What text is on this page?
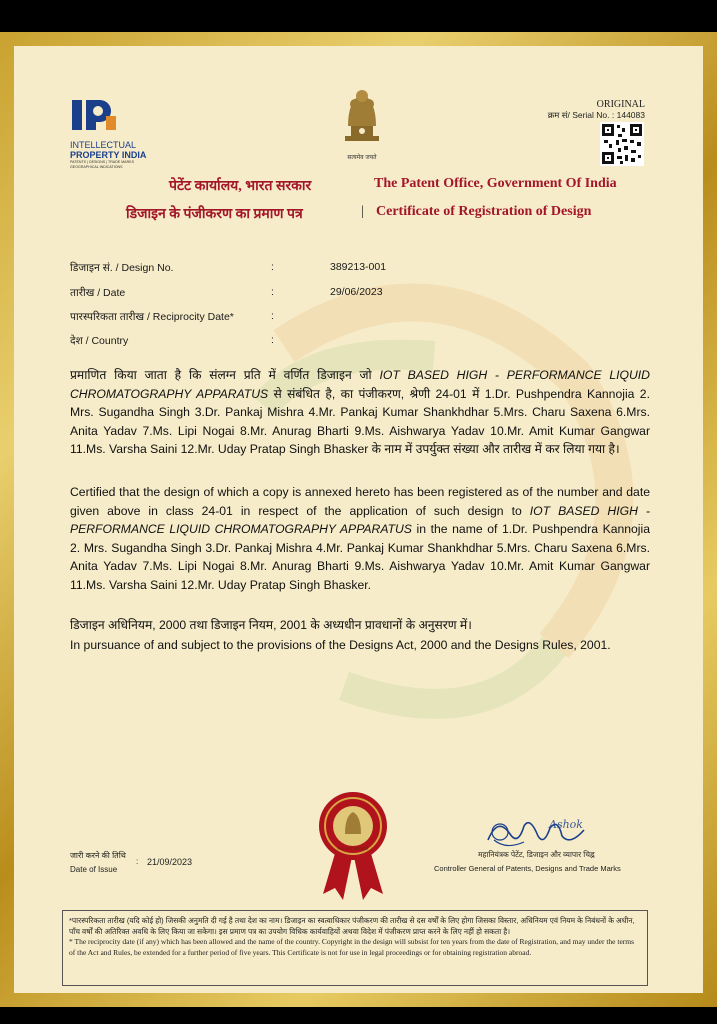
INTELLECTUAL
PROPERTY INDIA
PATENTS | DESIGNS | TRADE MARKS
GEOGRAPHICAL INDICATIONS
सत्यमेव जयते
ORIGINAL
क्रम सं/ Serial No. : 144083
पेटेंट कार्यालय, भारत सरकार	The Patent Office, Government Of India
डिजाइन के पंजीकरण का प्रमाण पत्र	| Certificate of Registration of Design
डिजाइन सं. / Design No.	:	389213-001
तारीख / Date	:	29/06/2023
पारस्परिकता तारीख / Reciprocity Date*	:
देश / Country	:
प्रमाणित किया जाता है कि संलग्न प्रति में वर्णित डिजाइन जो IOT BASED HIGH - PERFORMANCE LIQUID CHROMATOGRAPHY APPARATUS से संबंधित है, का पंजीकरण, श्रेणी 24-01 में 1.Dr. Pushpendra Kannojia 2. Mrs. Sugandha Singh 3.Dr. Pankaj Mishra 4.Mr. Pankaj Kumar Shankhdhar 5.Mrs. Charu Saxena 6.Mrs. Anita Yadav 7.Ms. Lipi Nogai 8.Mr. Anurag Bharti 9.Ms. Aishwarya Yadav 10.Mr. Amit Kumar Gangwar 11.Ms. Varsha Saini 12.Mr. Uday Pratap Singh Bhasker के नाम में उपर्युक्त संख्या और तारीख में कर लिया गया है।
Certified that the design of which a copy is annexed hereto has been registered as of the number and date given above in class 24-01 in respect of the application of such design to IOT BASED HIGH - PERFORMANCE LIQUID CHROMATOGRAPHY APPARATUS in the name of 1.Dr. Pushpendra Kannojia 2. Mrs. Sugandha Singh 3.Dr. Pankaj Mishra 4.Mr. Pankaj Kumar Shankhdhar 5.Mrs. Charu Saxena 6.Mrs. Anita Yadav 7.Ms. Lipi Nogai 8.Mr. Anurag Bharti 9.Ms. Aishwarya Yadav 10.Mr. Amit Kumar Gangwar 11.Ms. Varsha Saini 12.Mr. Uday Pratap Singh Bhasker.
डिजाइन अधिनियम, 2000 तथा डिजाइन नियम, 2001 के अध्यधीन प्रावधानों के अनुसरण में।
In pursuance of and subject to the provisions of the Designs Act, 2000 and the Designs Rules, 2001.
जारी करने की तिथि
Date of Issue
: 21/09/2023
PATENT OFFICE
Ashok
महानियंत्रक पेटेंट, डिजाइन और व्यापार चिह्न
Controller General of Patents, Designs and Trade Marks
*पारस्परिकता तारीख (यदि कोई हो) जिसकी अनुमति दी गई है तथा देश का नाम। डिजाइन का स्वत्वाधिकार पंजीकरण की तारीख से दस वर्षों के लिए होगा जिसका विस्तार, अधिनियम एवं नियम के निबंधनों के अधीन, पाँच वर्षों की अतिरिक्त अवधि के लिए किया जा सकेगा। इस प्रमाण पत्र का उपयोग विधिक कार्यवाहियों अथवा विदेश में पंजीकरण प्राप्त करने के लिए नहीं हो सकता है।
* The reciprocity date (if any) which has been allowed and the name of the country. Copyright in the design will subsist for ten years from the date of Registration, and may under the terms of the Act and Rules, be extended for a further period of five years. This Certificate is not for use in legal proceedings or for obtaining registration abroad.
